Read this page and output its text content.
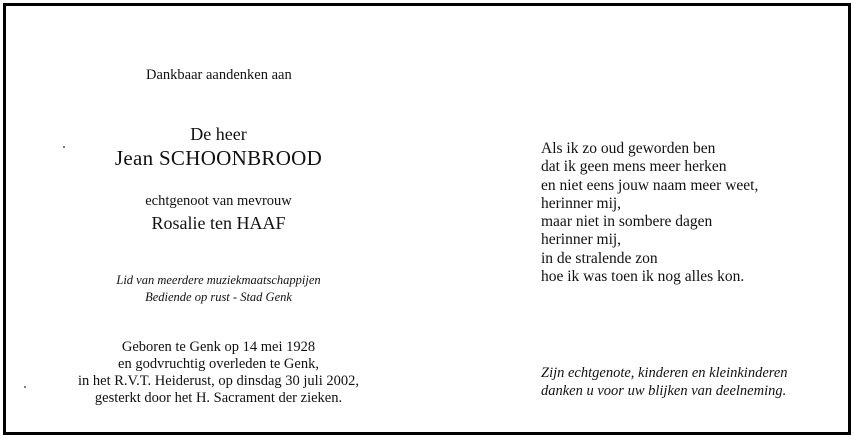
Dankbaar aandenken aan
De heer
Jean SCHOONBROOD
echtgenoot van mevrouw
Rosalie ten HAAF
Lid van meerdere muziekmaatschappijen
Bediende op rust - Stad Genk
Geboren te Genk op 14 mei 1928
en godvruchtig overleden te Genk,
in het R.V.T. Heiderust, op dinsdag 30 juli 2002,
gesterkt door het H. Sacrament der zieken.
Als ik zo oud geworden ben
dat ik geen mens meer herken
en niet eens jouw naam meer weet,
herinner mij,
maar niet in sombere dagen
herinner mij,
in de stralende zon
hoe ik was toen ik nog alles kon.
Zijn echtgenote, kinderen en kleinkinderen
danken u voor uw blijken van deelneming.
